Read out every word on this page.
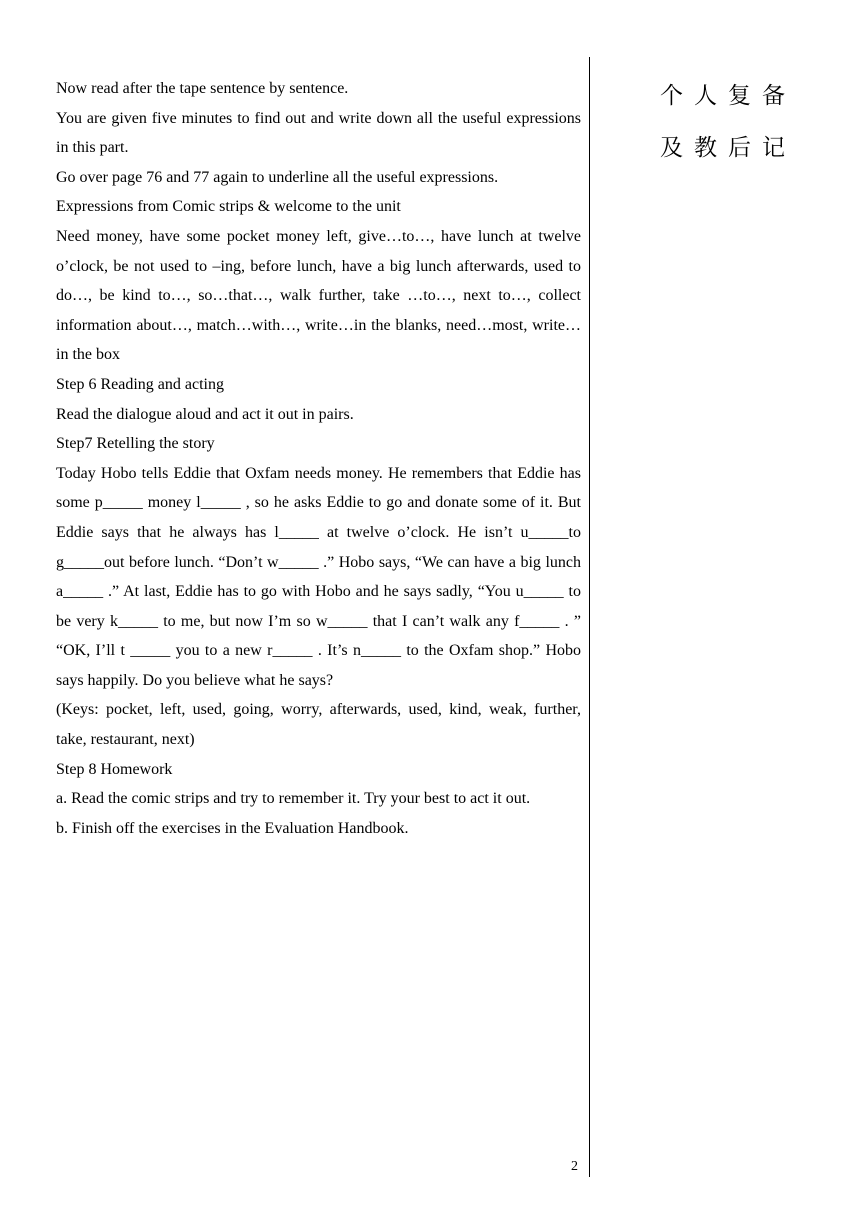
Now read after the tape sentence by sentence.

You are given five minutes to find out and write down all the useful expressions in this part.

Go over page 76 and 77 again to underline all the useful expressions.

Expressions from Comic strips & welcome to the unit

Need money, have some pocket money left, give…to…, have lunch at twelve o’clock, be not used to –ing, before lunch, have a big lunch afterwards, used to do…, be kind to…, so…that…, walk further, take …to…, next to…, collect information about…, match…with…, write…in the blanks, need…most, write…in the box

Step 6 Reading and acting

Read the dialogue aloud and act it out in pairs.

Step7 Retelling the story

Today Hobo tells Eddie that Oxfam needs money. He remembers that Eddie has some p_____ money l_____ , so he asks Eddie to go and donate some of it. But Eddie says that he always has l_____ at twelve o’clock. He isn’t u_____to g_____out before lunch. “Don’t w_____ .” Hobo says, “We can have a big lunch a_____ .” At last, Eddie has to go with Hobo and he says sadly, “You u_____ to be very k_____ to me, but now I’m so w_____ that I can’t walk any f_____ . ” “OK, I’ll t _____ you to a new r_____ . It’s n_____ to the Oxfam shop.” Hobo says happily. Do you believe what he says?

(Keys: pocket, left, used, going, worry, afterwards, used, kind, weak, further, take, restaurant, next)

Step 8 Homework

a. Read the comic strips and try to remember it. Try your best to act it out.

b. Finish off the exercises in the Evaluation Handbook.

个人复备
及教后记
2
